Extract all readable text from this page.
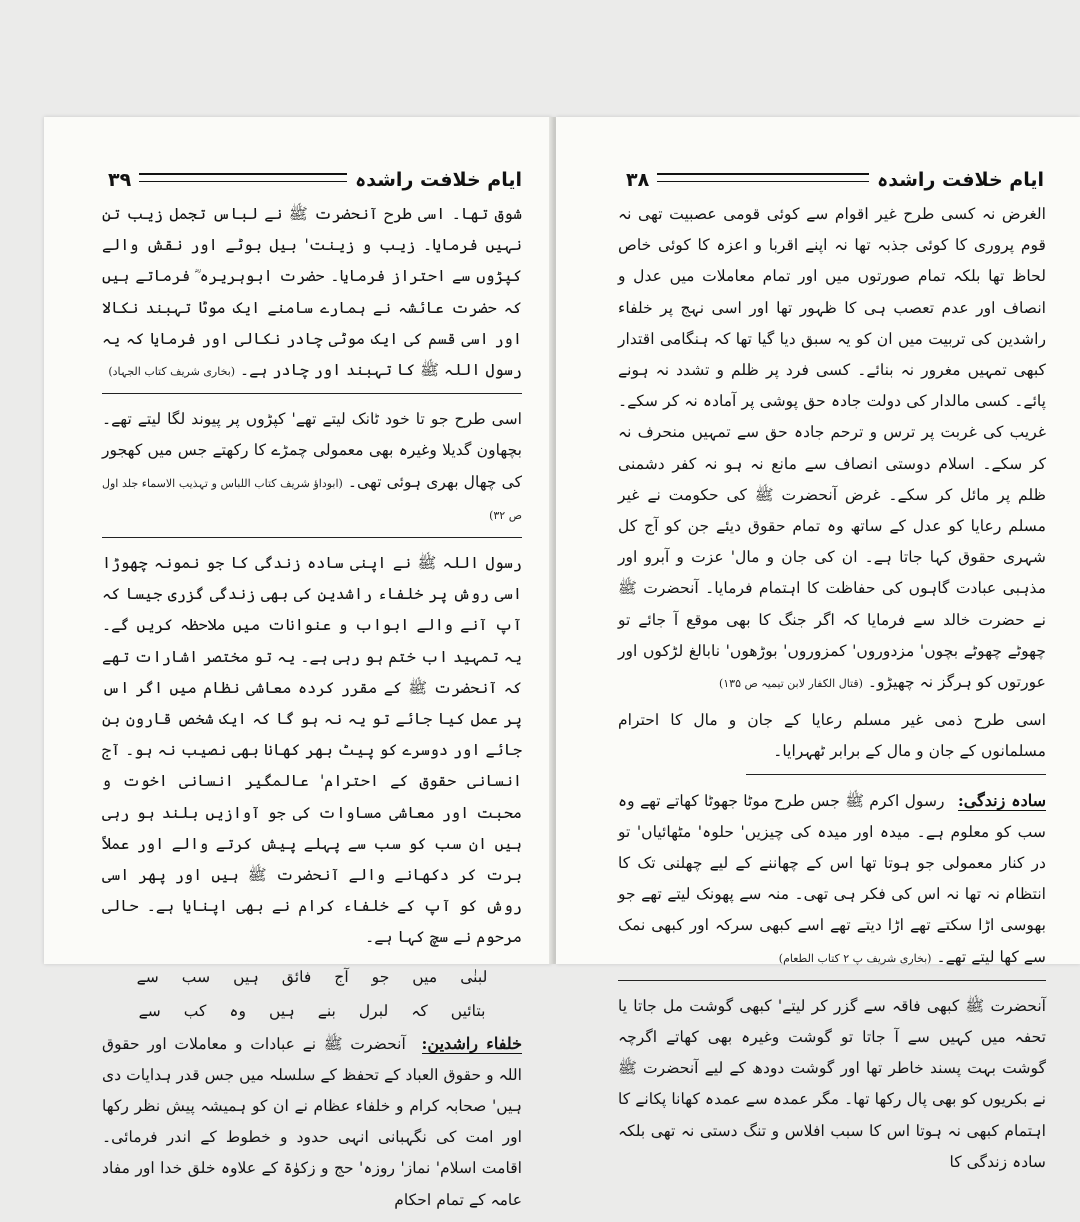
ایام خلافت راشدہ
۳۹
شوق تھا۔ اسی طرح آنحضرت ﷺ نے لباس تجمل زیب تن نہیں فرمایا۔ زیب و زینت' بیل بوٹے اور نقش والے کپڑوں سے احتراز فرمایا۔ حضرت ابوہریرہ ؓ فرماتے ہیں کہ حضرت عائشہ نے ہمارے سامنے ایک موٹا تہبند نکالا اور اسی قسم کی ایک موٹی چادر نکالی اور فرمایا کہ یہ رسول اللہ ﷺ کا تہبند اور چادر ہے۔ (بخاری شریف کتاب الجہاد)
اسی طرح جو تا خود ٹانک لیتے تھے' کپڑوں پر پیوند لگا لیتے تھے۔ بچھاون گدیلا وغیرہ بھی معمولی چمڑے کا رکھتے جس میں کھجور کی چھال بھری ہوئی تھی۔ (ابوداؤ شریف کتاب اللباس و تہذیب الاسماء جلد اول ص ۳۲)
رسول اللہ ﷺ نے اپنی سادہ زندگی کا جو نمونہ چھوڑا اسی روش پر خلفاء راشدین کی بھی زندگی گزری جیسا کہ آپ آنے والے ابواب و عنوانات میں ملاحظہ کریں گے۔ یہ تمہید اب ختم ہو رہی ہے۔ یہ تو مختصر اشارات تھے کہ آنحضرت ﷺ کے مقرر کردہ معاشی نظام میں اگر اس پر عمل کیا جائے تو یہ نہ ہو گا کہ ایک شخص قارون بن جائے اور دوسرے کو پیٹ بھر کھانا بھی نصیب نہ ہو۔ آج انسانی حقوق کے احترام' عالمگیر انسانی اخوت و محبت اور معاشی مساوات کی جو آوازیں بلند ہو رہی ہیں ان سب کو سب سے پہلے پیش کرتے والے اور عملاً برت کر دکھانے والے آنحضرت ﷺ ہیں اور پھر اسی روش کو آپ کے خلفاء کرام نے بھی اپنایا ہے۔ حالی مرحوم نے سچ کہا ہے۔
لبنٰی میں جو آج فائق ہیں سب سے
بتائیں کہ لبرل بنے ہیں وہ کب سے
خلفاء راشدین: آنحضرت ﷺ نے عبادات و معاملات اور حقوق اللہ و حقوق العباد کے تحفظ کے سلسلہ میں جس قدر ہدایات دی ہیں' صحابہ کرام و خلفاء عظام نے ان کو ہمیشہ پیش نظر رکھا اور امت کی نگہبانی انہی حدود و خطوط کے اندر فرمائی۔ اقامت اسلام' نماز' روزہ' حج و زکوٰۃ کے علاوہ خلق خدا اور مفاد عامہ کے تمام احکام
ایام خلافت راشدہ
۳۸
الغرض نہ کسی طرح غیر اقوام سے کوئی قومی عصبیت تھی نہ قوم پروری کا کوئی جذبہ تھا نہ اپنے اقربا و اعزہ کا کوئی خاص لحاظ تھا بلکہ تمام صورتوں میں اور تمام معاملات میں عدل و انصاف اور عدم تعصب ہی کا ظہور تھا اور اسی نہج پر خلفاء راشدین کی تربیت میں ان کو یہ سبق دیا گیا تھا کہ ہنگامی اقتدار کبھی تمہیں مغرور نہ بنائے۔ کسی فرد پر ظلم و تشدد نہ ہونے پائے۔ کسی مالدار کی دولت جادہ حق پوشی پر آمادہ نہ کر سکے۔ غریب کی غربت پر ترس و ترحم جادہ حق سے تمہیں منحرف نہ کر سکے۔ اسلام دوستی انصاف سے مانع نہ ہو نہ کفر دشمنی ظلم پر مائل کر سکے۔ غرض آنحضرت ﷺ کی حکومت نے غیر مسلم رعایا کو عدل کے ساتھ وہ تمام حقوق دیئے جن کو آج کل شہری حقوق کہا جاتا ہے۔ ان کی جان و مال' عزت و آبرو اور مذہبی عبادت گاہوں کی حفاظت کا اہتمام فرمایا۔ آنحضرت ﷺ نے حضرت خالد سے فرمایا کہ اگر جنگ کا بھی موقع آ جائے تو چھوٹے چھوٹے بچوں' مزدوروں' کمزوروں' بوڑھوں' نابالغ لڑکوں اور عورتوں کو ہرگز نہ چھیڑو۔ (قتال الکفار لابن تیمیہ ص ۱۳۵)
اسی طرح ذمی غیر مسلم رعایا کے جان و مال کا احترام مسلمانوں کے جان و مال کے برابر ٹھہرایا۔
سادہ زندگی: رسول اکرم ﷺ جس طرح موٹا جھوٹا کھاتے تھے وہ سب کو معلوم ہے۔ میدہ اور میدہ کی چیزیں' حلوہ' مٹھائیاں' تو در کنار معمولی جو ہوتا تھا اس کے چھاننے کے لیے چھلنی تک کا انتظام نہ تھا نہ اس کی فکر ہی تھی۔ منہ سے پھونک لیتے تھے جو بھوسی اڑا سکتے تھے اڑا دیتے تھے اسے کبھی سرکہ اور کبھی نمک سے کھا لیتے تھے۔ (بخاری شریف پ ۲ کتاب الطعام)
آنحضرت ﷺ کبھی فاقہ سے گزر کر لیتے' کبھی گوشت مل جاتا یا تحفہ میں کہیں سے آ جاتا تو گوشت وغیرہ بھی کھاتے اگرچہ گوشت بہت پسند خاطر تھا اور گوشت دودھ کے لیے آنحضرت ﷺ نے بکریوں کو بھی پال رکھا تھا۔ مگر عمدہ سے عمدہ کھانا پکانے کا اہتمام کبھی نہ ہوتا اس کا سبب افلاس و تنگ دستی نہ تھی بلکہ سادہ زندگی کا
